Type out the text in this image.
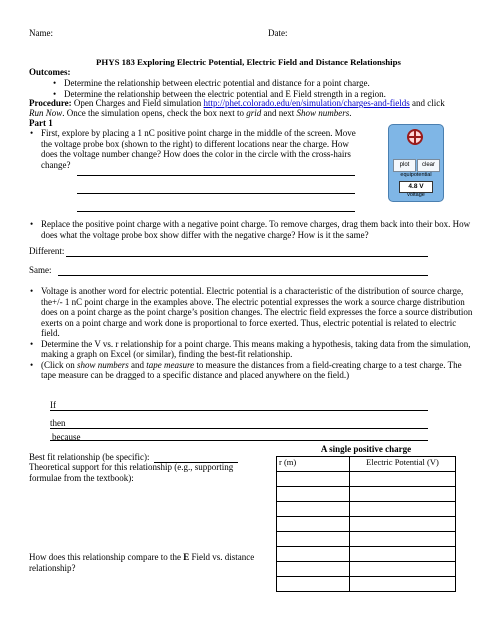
Name:	Date:
PHYS 183 Exploring Electric Potential, Electric Field and Distance Relationships
Outcomes:
• Determine the relationship between electric potential and distance for a point charge.
• Determine the relationship between the electric potential and E Field strength in a region.
Procedure: Open Charges and Field simulation http://phet.colorado.edu/en/simulation/charges-and-fields and click
Run Now. Once the simulation opens, check the box next to grid and next Show numbers.
Part 1
• First, explore by placing a 1 nC positive point charge in the middle of the screen. Move the voltage probe box (shown to the right) to different locations near the charge. How does the voltage number change? How does the color in the circle with the cross-hairs change?	plot	clear
equipotential
4.8 V
voltage
• Replace the positive point charge with a negative point charge. To remove charges, drag them back into their box. How does what the voltage probe box show differ with the negative charge? How is it the same?
Different:
Same:
• Voltage is another word for electric potential. Electric potential is a characteristic of the distribution of source charge, the+/- 1 nC point charge in the examples above. The electric potential expresses the work a source charge distribution does on a point charge as the point charge’s position changes. The electric field expresses the force a source distribution exerts on a point charge and work done is proportional to force exerted. Thus, electric potential is related to electric field.
• Determine the V vs. r relationship for a point charge. This means making a hypothesis, taking data from the simulation, making a graph on Excel (or similar), finding the best-fit relationship.
• (Click on show numbers and tape measure to measure the distances from a field-creating charge to a test charge. The tape measure can be dragged to a specific distance and placed anywhere on the field.)
If
then
because
Best fit relationship (be specific):
Theoretical support for this relationship (e.g., supporting formulae from the textbook):
How does this relationship compare to the E Field vs. distance relationship?
A single positive charge	
r (m)	Electric Potential (V)
